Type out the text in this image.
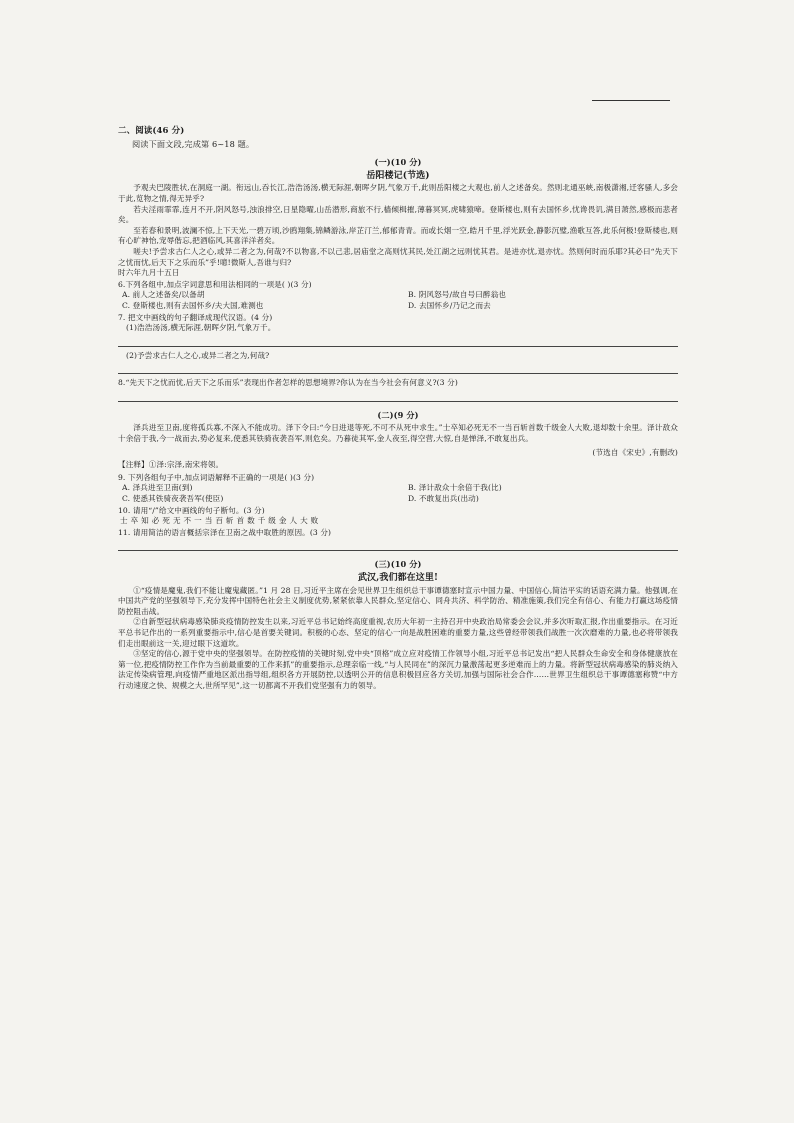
二、阅读(46 分)
阅读下面文段,完成第 6~18 题。
(一)(10 分)
岳阳楼记(节选)

予观夫巴陵胜状,在洞庭一湖。衔远山,吞长江,浩浩汤汤,横无际涯,朝晖夕阴,气象万千,此则岳阳楼之大观也,前人之述备矣。然则北通巫峡,南极潇湘,迁客骚人,多会于此,览物之情,得无异乎?

若夫淫雨霏霏,连月不开,阴风怒号,浊浪排空,日星隐曜,山岳潜形,商旅不行,樯倾楫摧,薄暮冥冥,虎啸猿啼。登斯楼也,则有去国怀乡,忧谗畏讥,满目萧然,感极而悲者矣。

至若春和景明,波澜不惊,上下天光,一碧万顷,沙鸥翔集,锦鳞游泳,岸芷汀兰,郁郁青青。而或长烟一空,皓月千里,浮光跃金,静影沉璧,渔歌互答,此乐何极!登斯楼也,则有心旷神怡,宠辱偕忘,把酒临风,其喜洋洋者矣。

嗟夫!予尝求古仁人之心,或异二者之为,何哉?不以物喜,不以己悲,居庙堂之高则忧其民,处江湖之远则忧其君。是进亦忧,退亦忧。然则何时而乐耶?其必曰“先天下之忧而忧,后天下之乐而乐”乎!噫!微斯人,吾谁与归?

时六年九月十五日
6.下列各组中,加点字词意思和用法相同的一项是( )(3 分)
A. 前人之述备矣/以备胡	B. 阴风怒号/故自号曰醉翁也
C. 登斯楼也,则有去国怀乡/夫大国,难测也	D. 去国怀乡/乃记之而去
7. 把文中画线的句子翻译成现代汉语。(4 分)
(1)浩浩汤汤,横无际涯,朝晖夕阴,气象万千。
(2)予尝求古仁人之心,或异二者之为,何哉?
8.“先天下之忧而忧,后天下之乐而乐”表现出作者怎样的思想境界?你认为在当今社会有何意义?(3 分)
(二)(9 分)

泽兵进至卫南,度将孤兵寡,不深入不能成功。泽下令曰:“今日进退等死,不可不从死中求生。”士卒知必死无不一当百斩首数千级金人大败,退却数十余里。泽计敌众十余倍于我,今一战而去,势必复来,使悉其铁骑夜袭吾军,则危矣。乃暮徒其军,金人夜至,得空营,大惊,自是惮泽,不敢复出兵。

(节选自《宋史》,有删改)
【注释】①泽:宗泽,南宋将领。
9. 下列各组句子中,加点词语解释不正确的一项是( )(3 分)
A. 泽兵进至卫南(到)	B. 泽计敌众十余倍于我(比)
C. 使悉其铁骑夜袭吾军(使臣)	D. 不敢复出兵(出动)
10. 请用“/”给文中画线的句子断句。(3 分)
士卒知必死无不一当百斩首数千级金人大败
11. 请用简洁的语言概括宗泽在卫南之战中取胜的原因。(3 分)
(三)(10 分)
武汉,我们都在这里!

①“疫情是魔鬼,我们不能让魔鬼藏匿。”1 月 28 日,习近平主席在会见世界卫生组织总干事谭德塞时宣示中国力量、中国信心,简洁平实的话语充满力量。他强调,在中国共产党的坚强领导下,充分发挥中国特色社会主义制度优势,紧紧依靠人民群众,坚定信心、同舟共济、科学防治、精准施策,我们完全有信心、有能力打赢这场疫情防控阻击战。

②自新型冠状病毒感染肺炎疫情防控发生以来,习近平总书记始终高度重视,农历大年初一主持召开中央政治局常委会会议,并多次听取汇报,作出重要指示。在习近平总书记作出的一系列重要指示中,信心是首要关键词。积极的心态、坚定的信心一向是战胜困难的重要力量,这些曾经带领我们战胜一次次磨难的力量,也必将带领我们走出眼前这一关,迎过眼下这道坎。

③坚定的信心,源于党中央的坚强领导。在防控疫情的关键时刻,党中央“顶格”成立应对疫情工作领导小组,习近平总书记发出“把人民群众生命安全和身体健康放在第一位,把疫情防控工作作为当前最重要的工作来抓”的重要指示,总理亲临一线,“与人民同在”的深沉力量激荡起更多逆难而上的力量。将新型冠状病毒感染的肺炎纳入法定传染病管理,向疫情严重地区派出指导组,组织各方开展防控,以透明公开的信息积极回应各方关切,加强与国际社会合作……世界卫生组织总干事谭德塞称赞“中方行动速度之快、规模之大,世所罕见”,这一切都离不开我们党坚强有力的领导。
